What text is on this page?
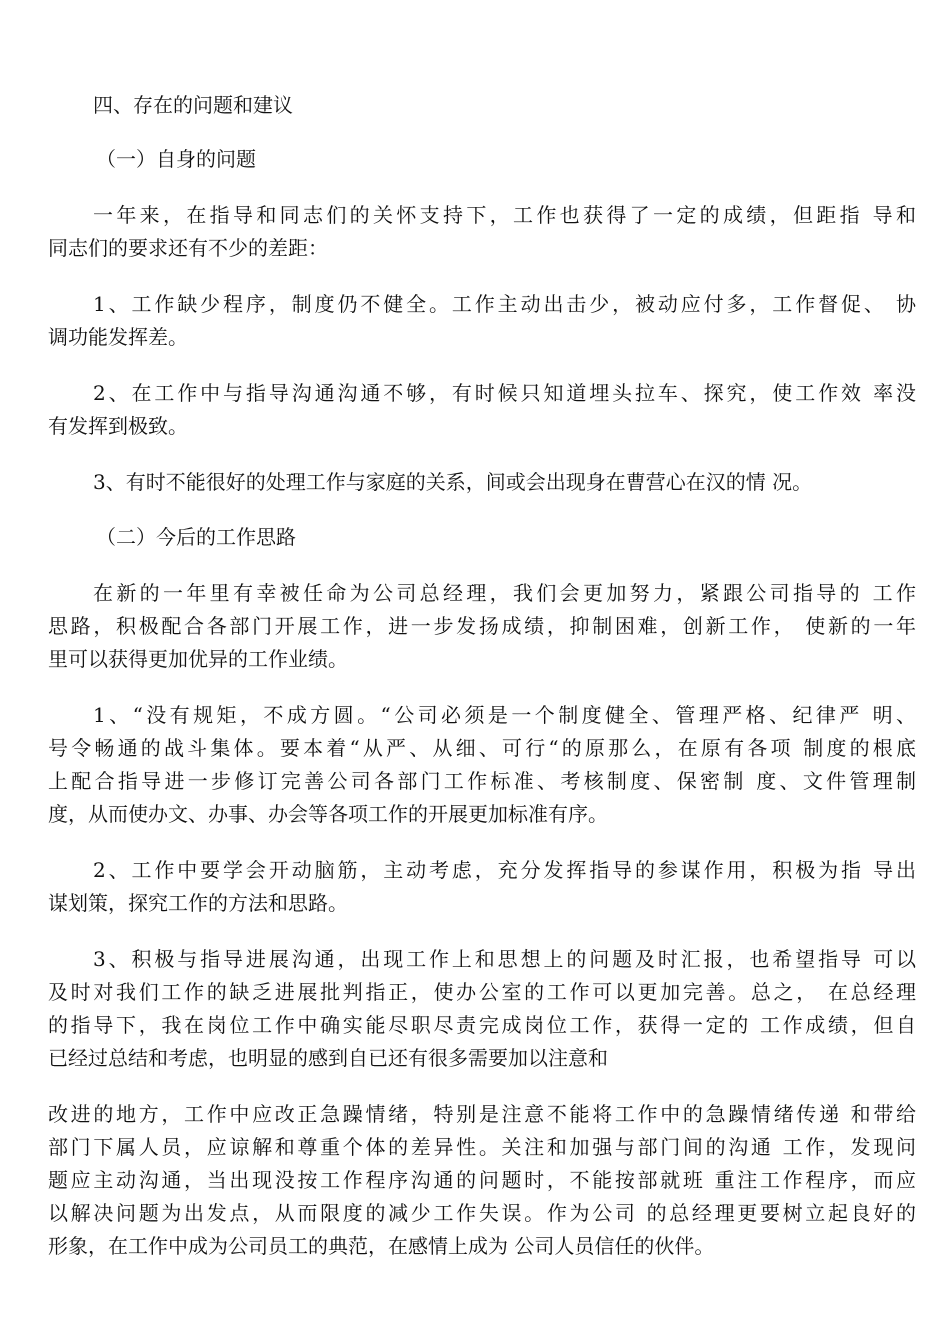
四、存在的问题和建议
（一）自身的问题
一年来，在指导和同志们的关怀支持下，工作也获得了一定的成绩，但距指 导和
同志们的要求还有不少的差距：
1、工作缺少程序，制度仍不健全。工作主动出击少，被动应付多，工作督促、 协
调功能发挥差。
2、在工作中与指导沟通沟通不够，有时候只知道埋头拉车、探究，使工作效 率没
有发挥到极致。
3、有时不能很好的处理工作与家庭的关系，间或会出现身在曹营心在汉的情 况。
（二）今后的工作思路
在新的一年里有幸被任命为公司总经理，我们会更加努力，紧跟公司指导的 工作
思路，积极配合各部门开展工作，进一步发扬成绩，抑制困难，创新工作， 使新的一年
里可以获得更加优异的工作业绩。
1、“没有规矩，不成方圆。“公司必须是一个制度健全、管理严格、纪律严 明、
号令畅通的战斗集体。要本着“从严、从细、可行“的原那么，在原有各项 制度的根底
上配合指导进一步修订完善公司各部门工作标准、考核制度、保密制 度、文件管理制
度，从而使办文、办事、办会等各项工作的开展更加标准有序。
2、工作中要学会开动脑筋，主动考虑，充分发挥指导的参谋作用，积极为指 导出
谋划策，探究工作的方法和思路。
3、积极与指导进展沟通，出现工作上和思想上的问题及时汇报，也希望指导 可以
及时对我们工作的缺乏进展批判指正，使办公室的工作可以更加完善。总之， 在总经理
的指导下，我在岗位工作中确实能尽职尽责完成岗位工作，获得一定的 工作成绩，但自
已经过总结和考虑，也明显的感到自已还有很多需要加以注意和
改进的地方，工作中应改正急躁情绪，特别是注意不能将工作中的急躁情绪传递 和带给
部门下属人员，应谅解和尊重个体的差异性。关注和加强与部门间的沟通 工作，发现问
题应主动沟通，当出现没按工作程序沟通的问题时，不能按部就班 重注工作程序，而应
以解决问题为出发点，从而限度的减少工作失误。作为公司 的总经理更要树立起良好的
形象，在工作中成为公司员工的典范，在感情上成为 公司人员信任的伙伴。
